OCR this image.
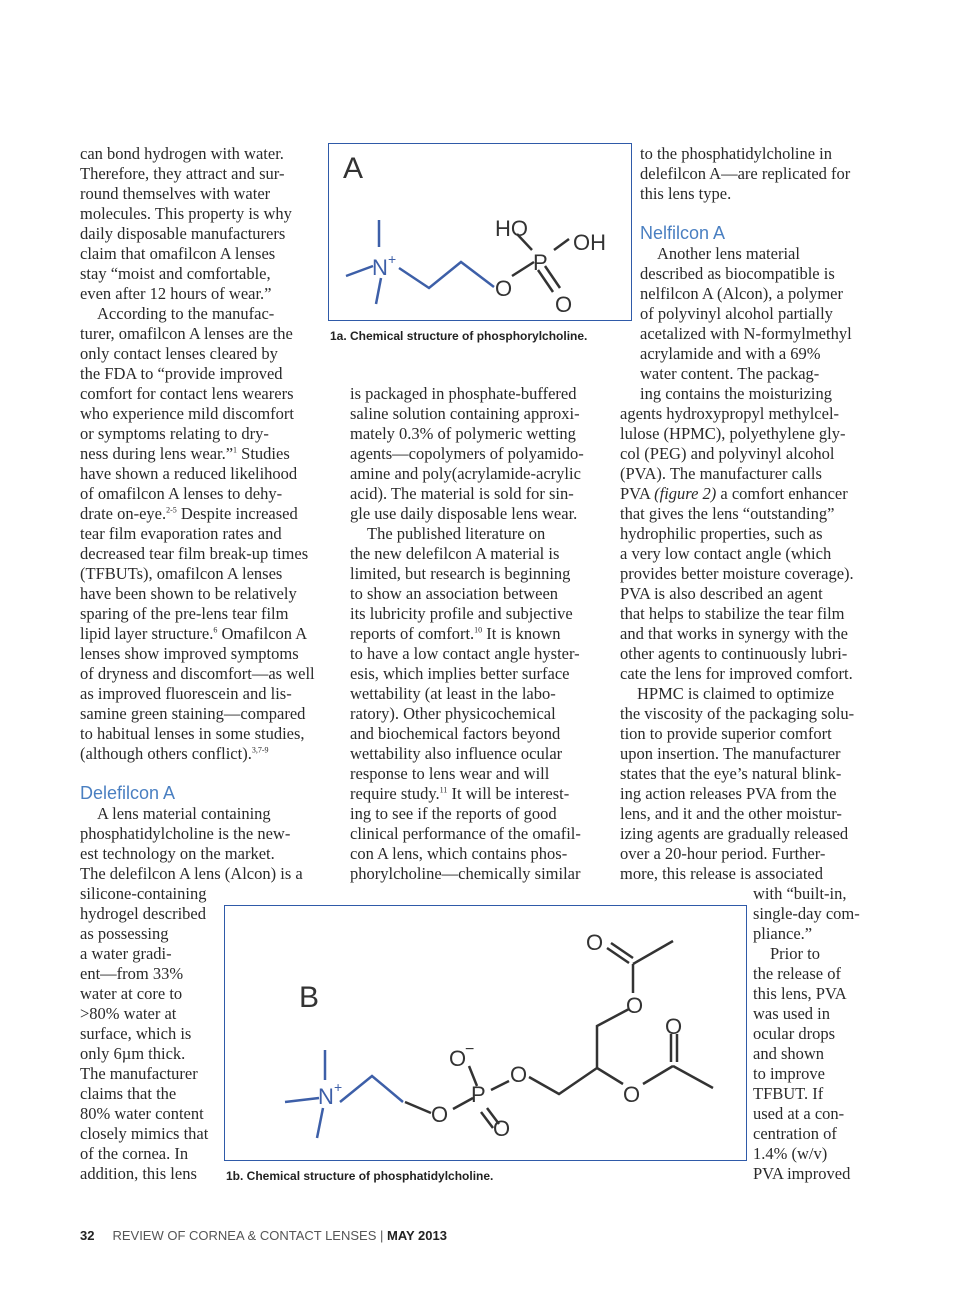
can bond hydrogen with water.
Therefore, they attract and sur-
round themselves with water
molecules. This property is why
daily disposable manufacturers
claim that omafilcon A lenses
stay “moist and comfortable,
even after 12 hours of wear.”

According to the manufac-
turer, omafilcon A lenses are the
only contact lenses cleared by
the FDA to “provide improved
comfort for contact lens wearers
who experience mild discomfort
or symptoms relating to dry-
ness during lens wear.”$^1$ Studies
have shown a reduced likelihood
of omafilcon A lenses to dehy-
drate on-eye.$^{2-5}$ Despite increased
tear film evaporation rates and
decreased tear film break-up times
(TFBUTs), omafilcon A lenses
have been shown to be relatively
sparing of the pre-lens tear film
lipid layer structure.$^6$ Omafilcon A
lenses show improved symptoms
of dryness and discomfort—as well
as improved fluorescein and lis-
samine green staining—compared
to habitual lenses in some studies,
(although others conflict).$^{3,7-9}$

Delefilcon A

A lens material containing
phosphatidylcholine is the new-
est technology on the market.
The delefilcon A lens (Alcon) is a
silicone-containing
hydrogel described
as possessing
a water gradi-
ent—from 33%
water at core to
>80% water at
surface, which is
only 6µm thick.
The manufacturer
claims that the
80% water content
closely mimics that
of the cornea. In
addition, this lens

A
N +
O
P
HO
OH
O
1a. Chemical structure of phosphorylcholine.

is packaged in phosphate-buffered
saline solution containing approxi-
mately 0.3% of polymeric wetting
agents—copolymers of polyamido-
amine and poly(acrylamide-acrylic
acid). The material is sold for sin-
gle use daily disposable lens wear.

The published literature on
the new delefilcon A material is
limited, but research is beginning
to show an association between
its lubricity profile and subjective
reports of comfort.$^{10}$ It is known
to have a low contact angle hyster-
esis, which implies better surface
wettability (at least in the labo-
ratory). Other physicochemical
and biochemical factors beyond
wettability also influence ocular
response to lens wear and will
require study.$^{11}$ It will be interest-
ing to see if the reports of good
clinical performance of the omafil-
con A lens, which contains phos-
phorylcholine—chemically similar

to the phosphatidylcholine in
delefilcon A—are replicated for
this lens type.

Nelfilcon A

Another lens material
described as biocompatible is
nelfilcon A (Alcon), a polymer
of polyvinyl alcohol partially
acetalized with N-formylmethyl
acrylamide and with a 69%
water content. The packag-
ing contains the moisturizing
agents hydroxypropyl methylcel-
lulose (HPMC), polyethylene gly-
col (PEG) and polyvinyl alcohol
(PVA). The manufacturer calls
PVA (figure 2) a comfort enhancer
that gives the lens “outstanding”
hydrophilic properties, such as
a very low contact angle (which
provides better moisture coverage).
PVA is also described an agent
that helps to stabilize the tear film
and that works in synergy with the
other agents to continuously lubri-
cate the lens for improved comfort.

HPMC is claimed to optimize
the viscosity of the packaging solu-
tion to provide superior comfort
upon insertion. The manufacturer
states that the eye’s natural blink-
ing action releases PVA from the
lens, and it and the other moistur-
izing agents are gradually released
over a 20-hour period. Further-
more, this release is associated
with “built-in,
single-day com-
pliance.”

Prior to
the release of
this lens, PVA
was used in
ocular drops
and shown
to improve
TFBUT. If
used at a con-
centration of
1.4% (w/v)
PVA improved

B
N +
O
P
O
−
O
O
O
O
O
O
1b. Chemical structure of phosphatidylcholine.
32 REVIEW OF CORNEA & CONTACT LENSES | MAY 2013
